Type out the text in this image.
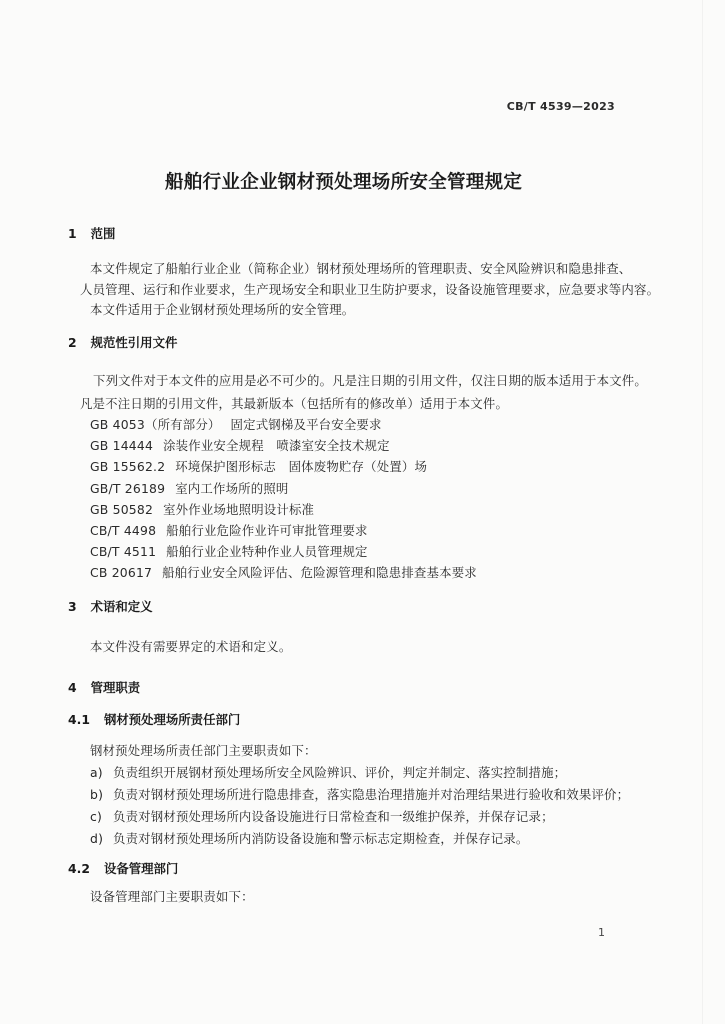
CB/T 4539—2023
船舶行业企业钢材预处理场所安全管理规定
1 范围
本文件规定了船舶行业企业（简称企业）钢材预处理场所的管理职责、安全风险辨识和隐患排查、
人员管理、运行和作业要求，生产现场安全和职业卫生防护要求，设备设施管理要求，应急要求等内容。
本文件适用于企业钢材预处理场所的安全管理。
2 规范性引用文件
下列文件对于本文件的应用是必不可少的。凡是注日期的引用文件，仅注日期的版本适用于本文件。
凡是不注日期的引用文件，其最新版本（包括所有的修改单）适用于本文件。
GB 4053（所有部分） 固定式钢梯及平台安全要求
GB 14444 涂装作业安全规程　喷漆室安全技术规定
GB 15562.2 环境保护图形标志　固体废物贮存（处置）场
GB/T 26189 室内工作场所的照明
GB 50582 室外作业场地照明设计标准
CB/T 4498 船舶行业危险作业许可审批管理要求
CB/T 4511 船舶行业企业特种作业人员管理规定
CB 20617 船舶行业安全风险评估、危险源管理和隐患排查基本要求
3 术语和定义
本文件没有需要界定的术语和定义。
4 管理职责
4.1 钢材预处理场所责任部门
钢材预处理场所责任部门主要职责如下：
a) 负责组织开展钢材预处理场所安全风险辨识、评价，判定并制定、落实控制措施；
b) 负责对钢材预处理场所进行隐患排查，落实隐患治理措施并对治理结果进行验收和效果评价；
c) 负责对钢材预处理场所内设备设施进行日常检查和一级维护保养，并保存记录；
d) 负责对钢材预处理场所内消防设备设施和警示标志定期检查，并保存记录。
4.2 设备管理部门
设备管理部门主要职责如下：
1
